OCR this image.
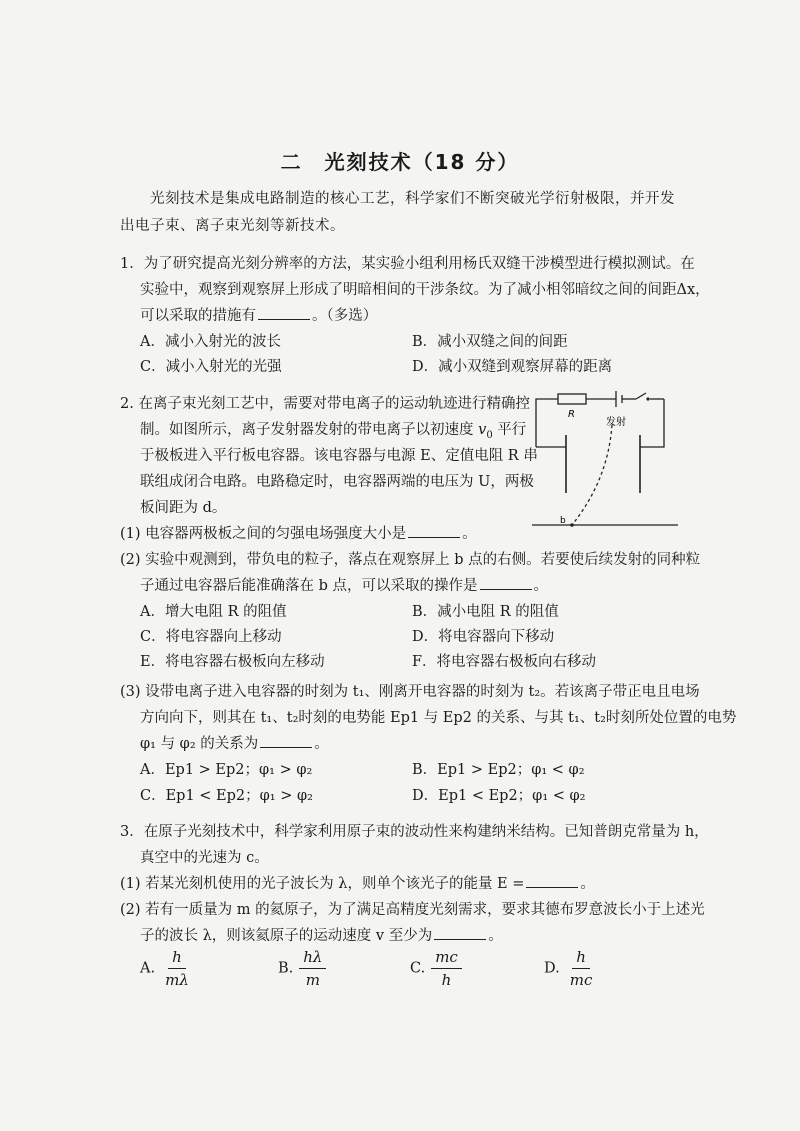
二　光刻技术（18 分）
光刻技术是集成电路制造的核心工艺，科学家们不断突破光学衍射极限，并开发出电子束、离子束光刻等新技术。
1．为了研究提高光刻分辨率的方法，某实验小组利用杨氏双缝干涉模型进行模拟测试。在
实验中，观察到观察屏上形成了明暗相间的干涉条纹。为了减小相邻暗纹之间的间距Δx，
可以采取的措施有	。（多选）
A．减小入射光的波长	B．减小双缝之间的间距
C．减小入射光的光强	D．减小双缝到观察屏幕的距离
2. 在离子束光刻工艺中，需要对带电离子的运动轨迹进行精确控
制。如图所示，离子发射器发射的带电离子以初速度 $v_0$ 平行
于极板进入平行板电容器。该电容器与电源 E、定值电阻 R 串
联组成闭合电路。电路稳定时，电容器两端的电压为 U，两极
板间距为 d。
R
发射
b
(1) 电容器两极板之间的匀强电场强度大小是	。
(2) 实验中观测到，带负电的粒子，落点在观察屏上 b 点的右侧。若要使后续发射的同种粒
子通过电容器后能准确落在 b 点，可以采取的操作是	。
A．增大电阻 R 的阻值	B．减小电阻 R 的阻值
C．将电容器向上移动	D．将电容器向下移动
E．将电容器右极板向左移动	F．将电容器右极板向右移动
(3) 设带电离子进入电容器的时刻为 t₁、刚离开电容器的时刻为 t₂。若该离子带正电且电场
方向向下，则其在 t₁、t₂时刻的电势能 Ep1 与 Ep2 的关系、与其 t₁、t₂时刻所处位置的电势
φ₁ 与 φ₂ 的关系为	。
A．Ep1 > Ep2；φ₁ > φ₂	B．Ep1 > Ep2；φ₁ < φ₂
C．Ep1 < Ep2；φ₁ > φ₂	D．Ep1 < Ep2；φ₁ < φ₂
3．在原子光刻技术中，科学家利用原子束的波动性来构建纳米结构。已知普朗克常量为 h，
真空中的光速为 c。
(1) 若某光刻机使用的光子波长为 λ，则单个该光子的能量 E =	。
(2) 若有一质量为 m 的氦原子，为了满足高精度光刻需求，要求其德布罗意波长小于上述光
子的波长 λ，则该氦原子的运动速度 v 至少为	。
A. $\frac{h}{m\lambda}$	B. $\frac{h\lambda}{m}$	C. $\frac{mc}{h}$	D. $\frac{h}{mc}$
